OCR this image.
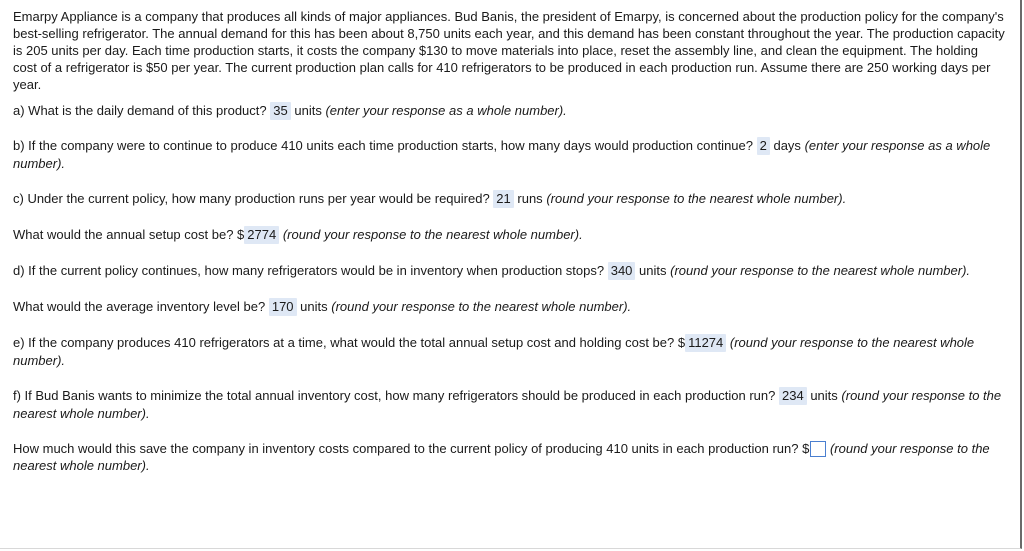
Emarpy Appliance is a company that produces all kinds of major appliances. Bud Banis, the president of Emarpy, is concerned about the production policy for the company's best-selling refrigerator. The annual demand for this has been about 8,750 units each year, and this demand has been constant throughout the year. The production capacity is 205 units per day. Each time production starts, it costs the company $130 to move materials into place, reset the assembly line, and clean the equipment. The holding cost of a refrigerator is $50 per year. The current production plan calls for 410 refrigerators to be produced in each production run. Assume there are 250 working days per year.

a) What is the daily demand of this product? 35 units (enter your response as a whole number).

b) If the company were to continue to produce 410 units each time production starts, how many days would production continue? 2 days (enter your response as a whole number).

c) Under the current policy, how many production runs per year would be required? 21 runs (round your response to the nearest whole number).

What would the annual setup cost be? $ 2774 (round your response to the nearest whole number).

d) If the current policy continues, how many refrigerators would be in inventory when production stops? 340 units (round your response to the nearest whole number).

What would the average inventory level be? 170 units (round your response to the nearest whole number).

e) If the company produces 410 refrigerators at a time, what would the total annual setup cost and holding cost be? $ 11274 (round your response to the nearest whole number).

f) If Bud Banis wants to minimize the total annual inventory cost, how many refrigerators should be produced in each production run? 234 units (round your response to the nearest whole number).

How much would this save the company in inventory costs compared to the current policy of producing 410 units in each production run? $ (round your response to the nearest whole number).
